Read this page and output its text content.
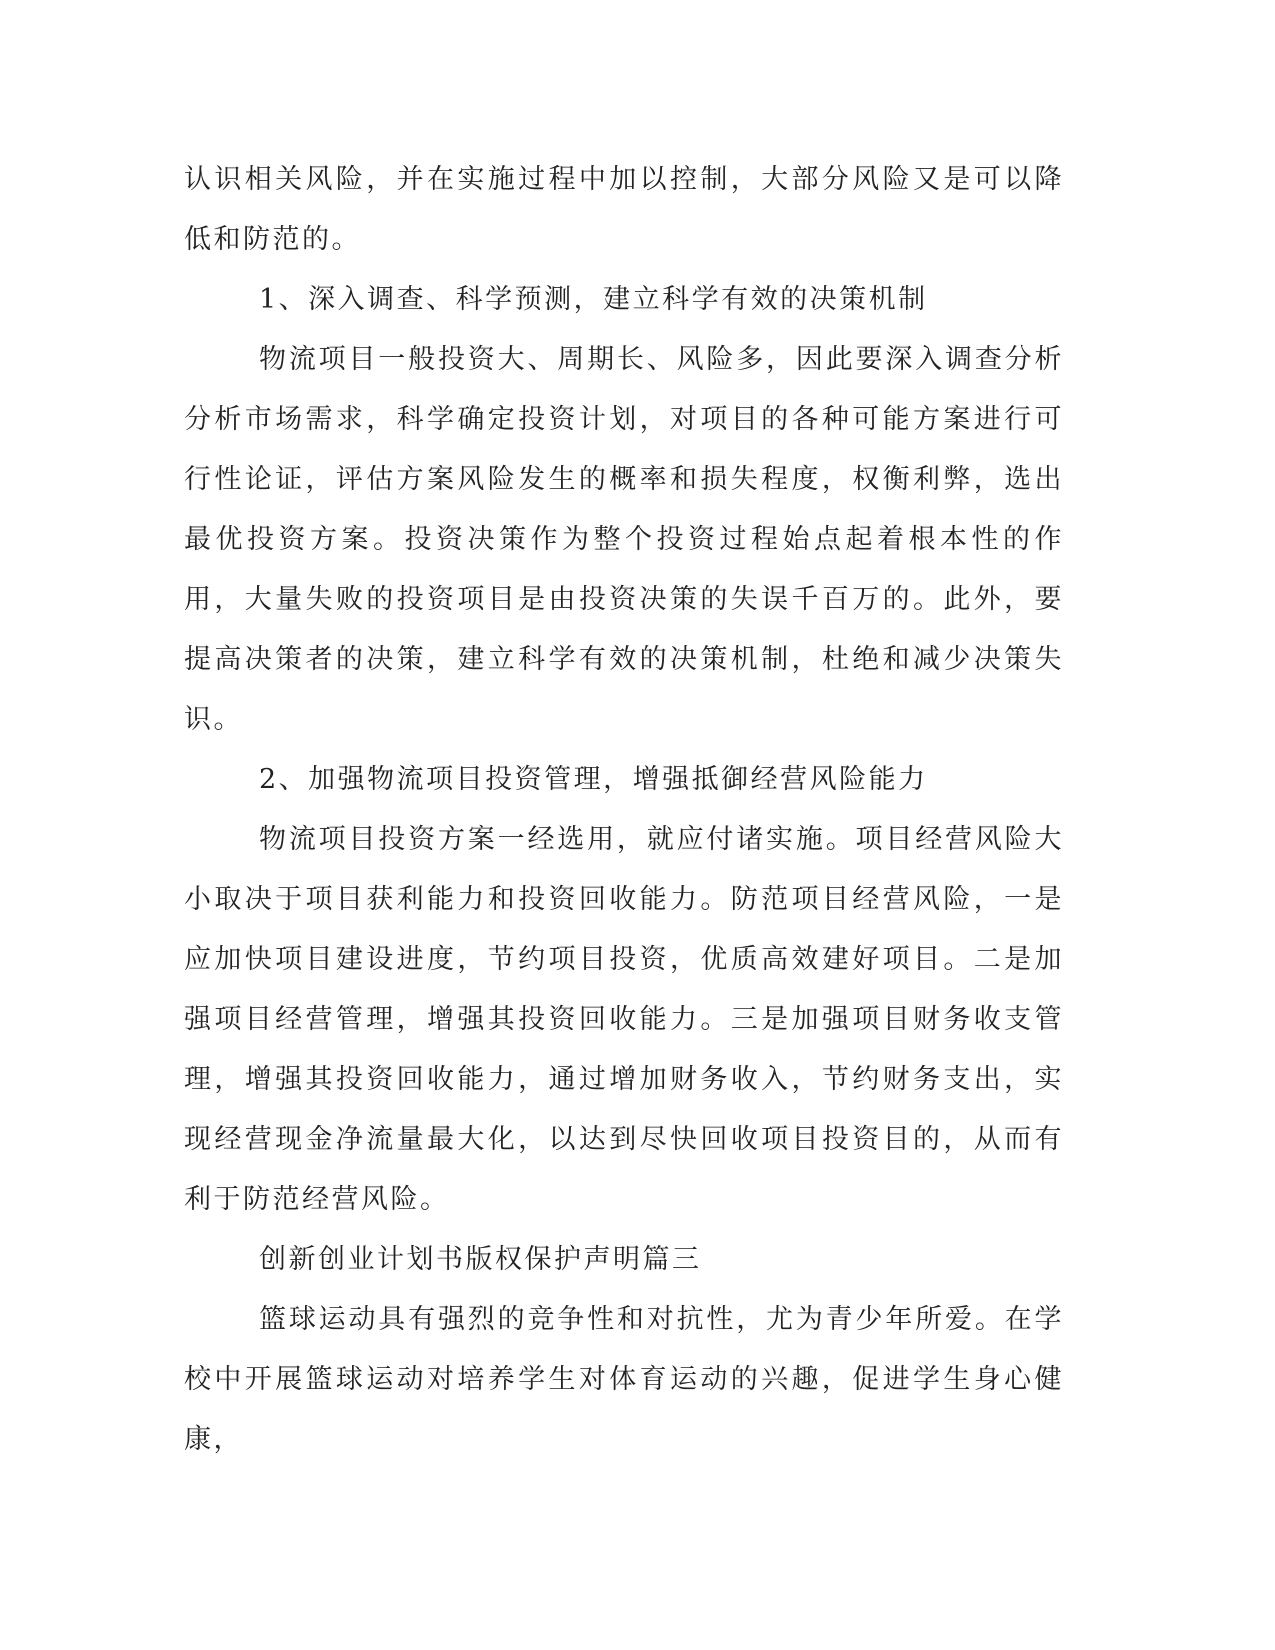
认识相关风险，并在实施过程中加以控制，大部分风险又是可以降低和防范的。

1、深入调查、科学预测，建立科学有效的决策机制

物流项目一般投资大、周期长、风险多，因此要深入调查分析分析市场需求，科学确定投资计划，对项目的各种可能方案进行可行性论证，评估方案风险发生的概率和损失程度，权衡利弊，选出最优投资方案。投资决策作为整个投资过程始点起着根本性的作用，大量失败的投资项目是由投资决策的失误千百万的。此外，要提高决策者的决策，建立科学有效的决策机制，杜绝和减少决策失识。

2、加强物流项目投资管理，增强抵御经营风险能力

物流项目投资方案一经选用，就应付诸实施。项目经营风险大小取决于项目获利能力和投资回收能力。防范项目经营风险，一是应加快项目建设进度，节约项目投资，优质高效建好项目。二是加强项目经营管理，增强其投资回收能力。三是加强项目财务收支管理，增强其投资回收能力，通过增加财务收入，节约财务支出，实现经营现金净流量最大化，以达到尽快回收项目投资目的，从而有利于防范经营风险。

创新创业计划书版权保护声明篇三

篮球运动具有强烈的竞争性和对抗性，尤为青少年所爱。在学校中开展篮球运动对培养学生对体育运动的兴趣，促进学生身心健康，
